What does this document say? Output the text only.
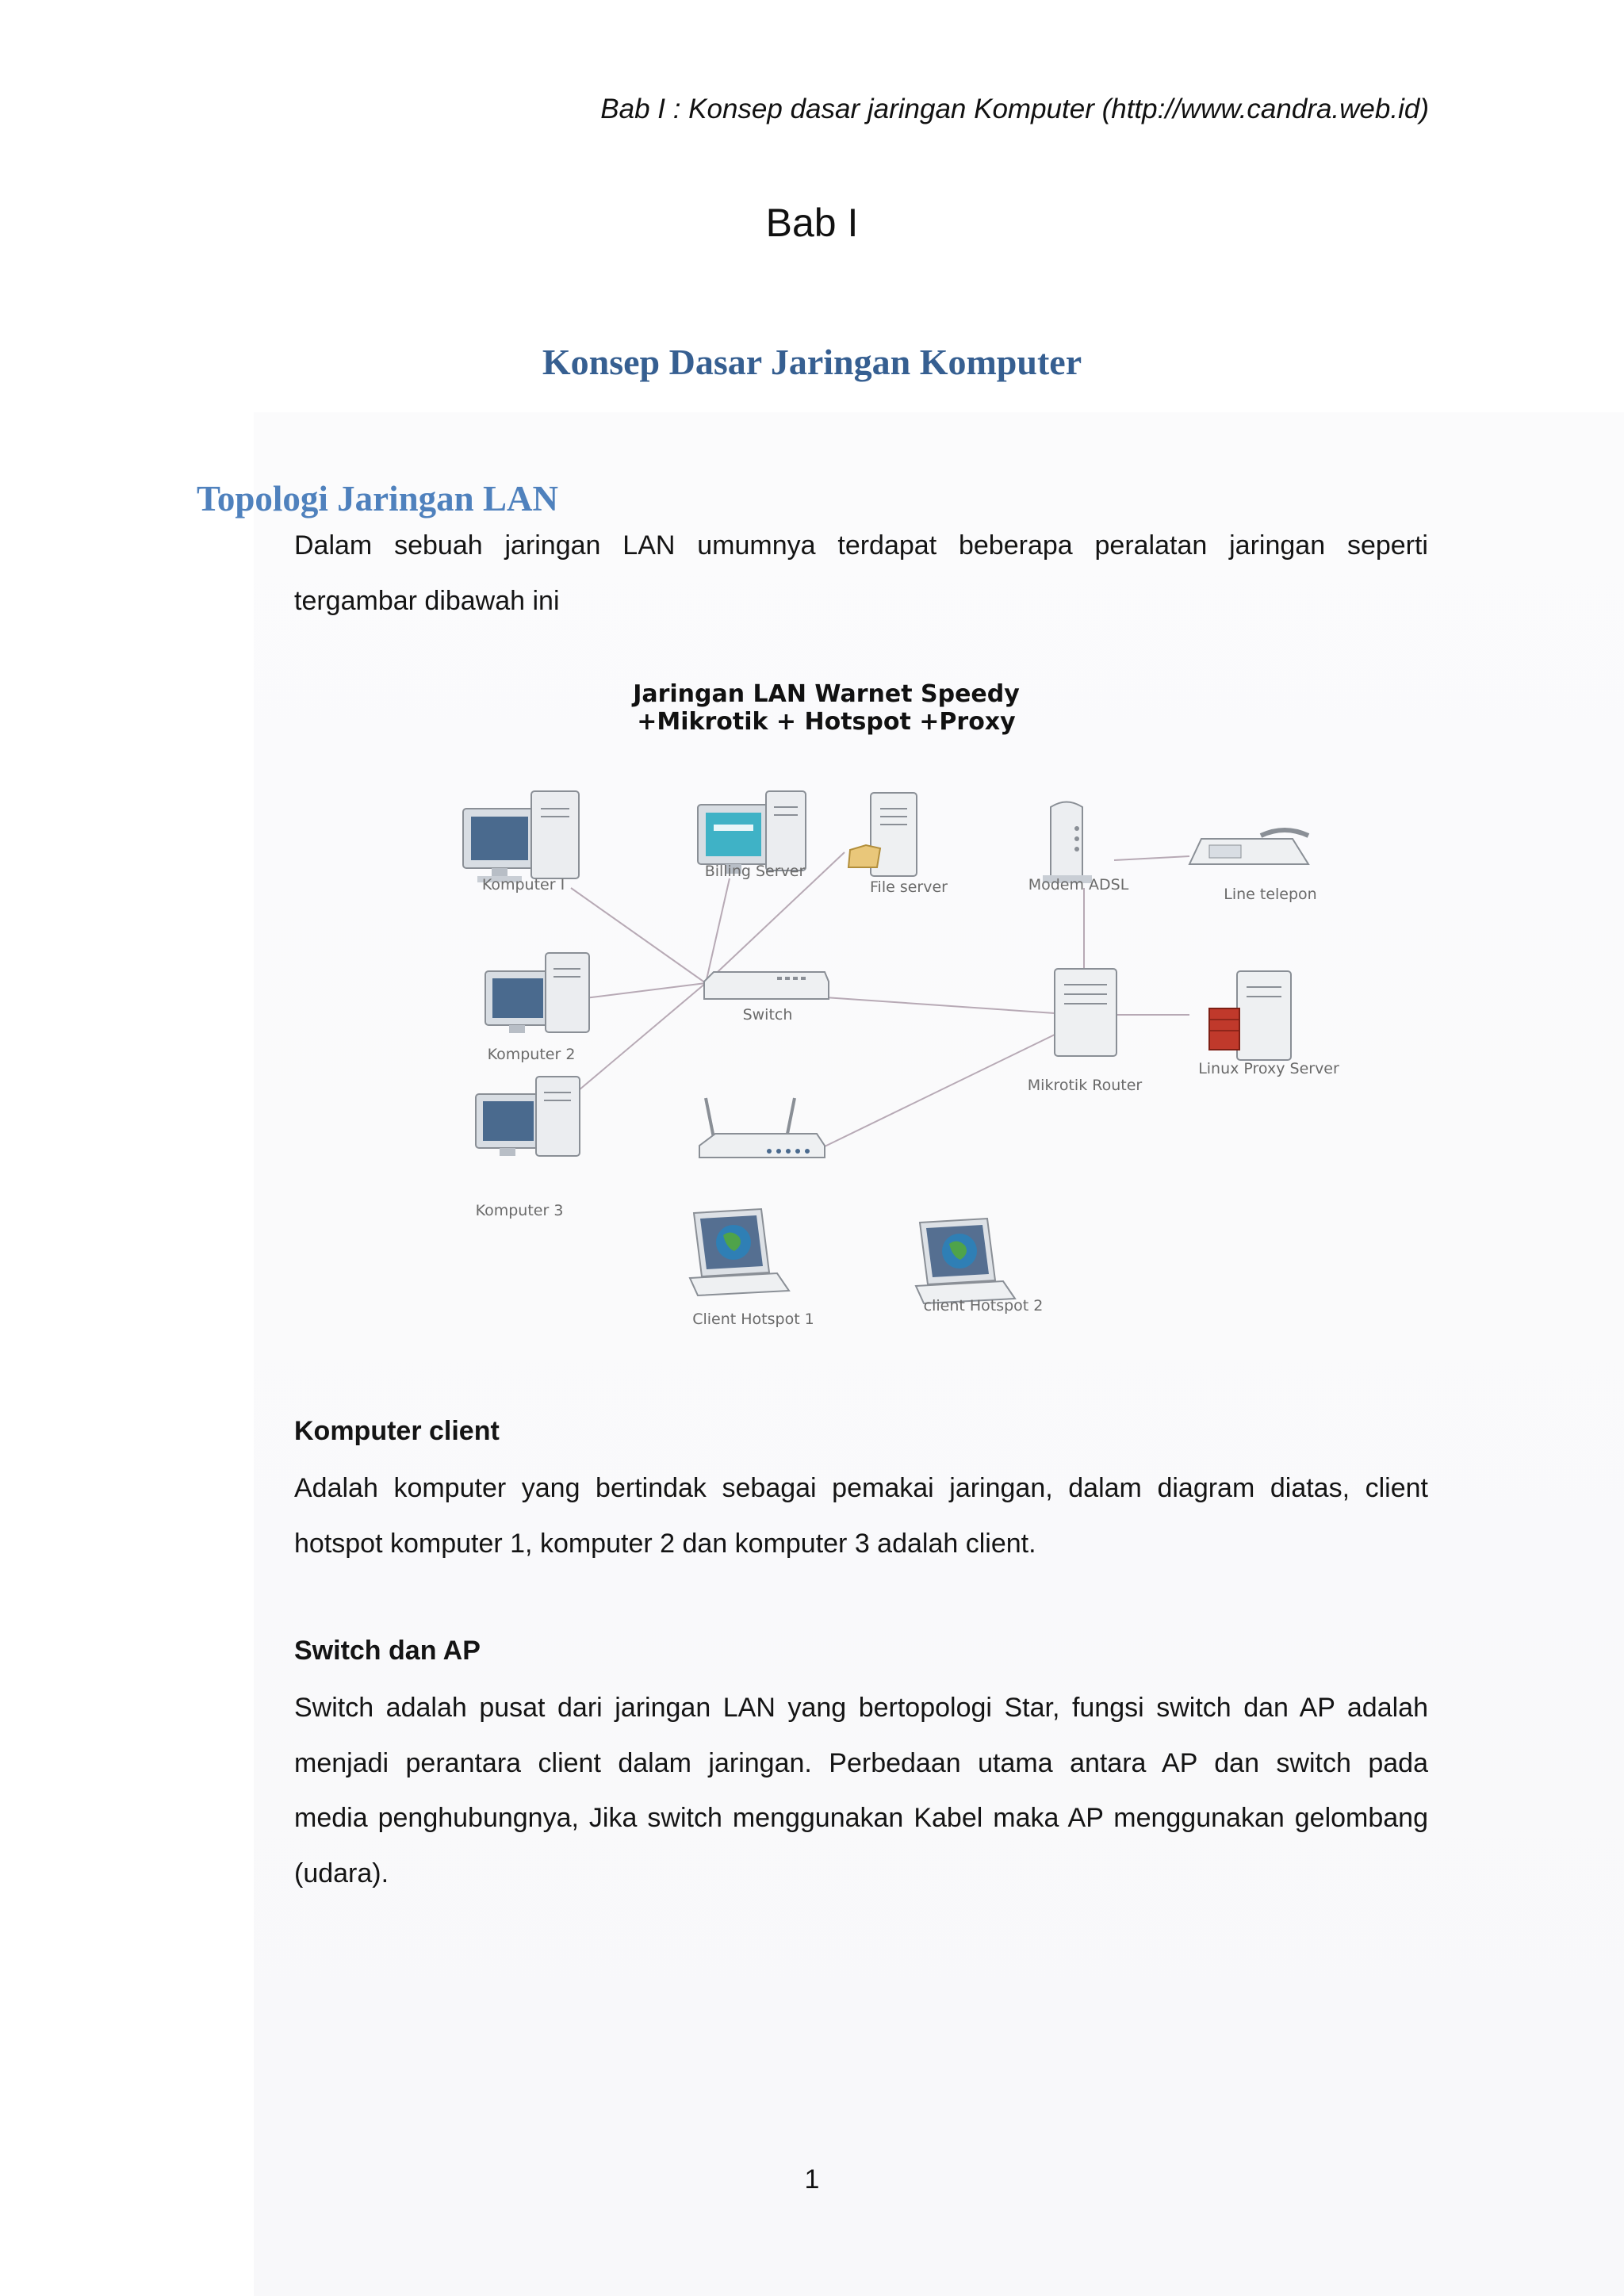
Bab I : Konsep dasar jaringan Komputer (http://www.candra.web.id)
Bab I
Konsep Dasar Jaringan Komputer
Topologi Jaringan LAN
Dalam sebuah jaringan LAN umumnya terdapat beberapa peralatan jaringan seperti
tergambar dibawah ini
Jaringan LAN Warnet Speedy
+Mikrotik + Hotspot +Proxy
Komputer I
Billing Server
File server	Modem ADSL
Line telepon
Komputer 2
Switch
Mikrotik Router
Linux Proxy Server
Komputer 3
Client Hotspot 1
client Hotspot 2
Komputer client
Adalah komputer yang bertindak sebagai pemakai jaringan, dalam diagram diatas, client
hotspot komputer 1, komputer 2 dan komputer 3 adalah client.
Switch dan AP
Switch adalah pusat dari jaringan LAN yang bertopologi Star, fungsi switch dan AP adalah
menjadi perantara client dalam jaringan. Perbedaan utama antara AP dan switch pada
media penghubungnya, Jika switch menggunakan Kabel maka AP menggunakan gelombang
(udara).
1
